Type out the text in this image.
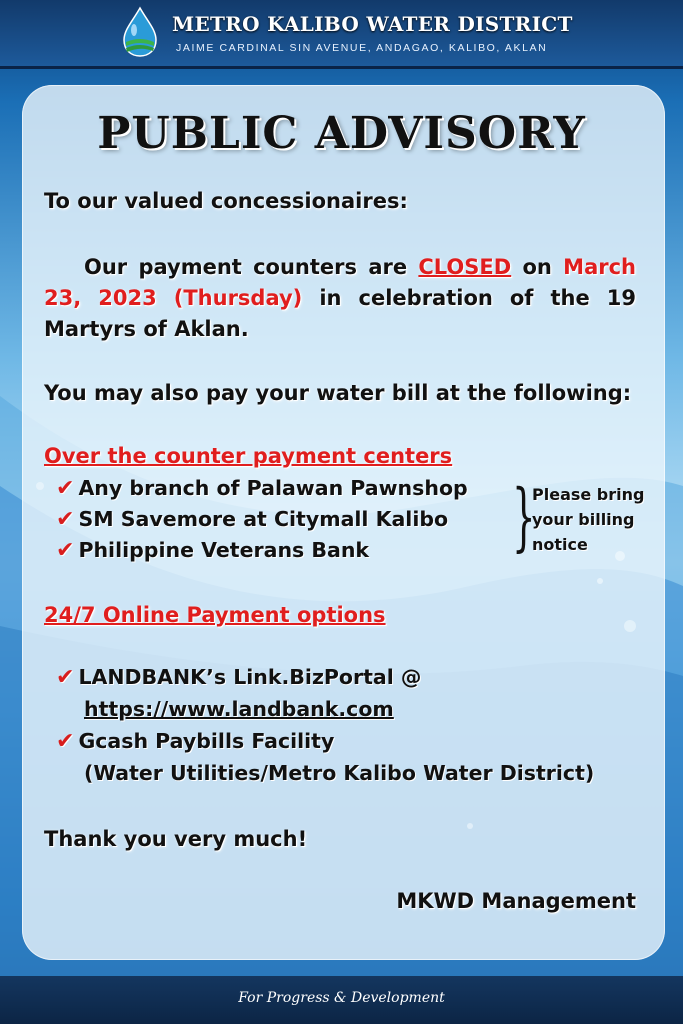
METRO KALIBO WATER DISTRICT
JAIME CARDINAL SIN AVENUE, ANDAGAO, KALIBO, AKLAN
PUBLIC ADVISORY
To our valued concessionaires:
Our payment counters are CLOSED on March 23, 2023 (Thursday) in celebration of the 19 Martyrs of Aklan.
You may also pay your water bill at the following:
Over the counter payment centers
✔ Any branch of Palawan Pawnshop
✔ SM Savemore at Citymall Kalibo
✔ Philippine Veterans Bank }
Please bring
your billing
notice
24/7 Online Payment options
✔ LANDBANK’s Link.BizPortal @
https://www.landbank.com
✔ Gcash Paybills Facility
(Water Utilities/Metro Kalibo Water District)
Thank you very much!
MKWD Management
For Progress & Development
